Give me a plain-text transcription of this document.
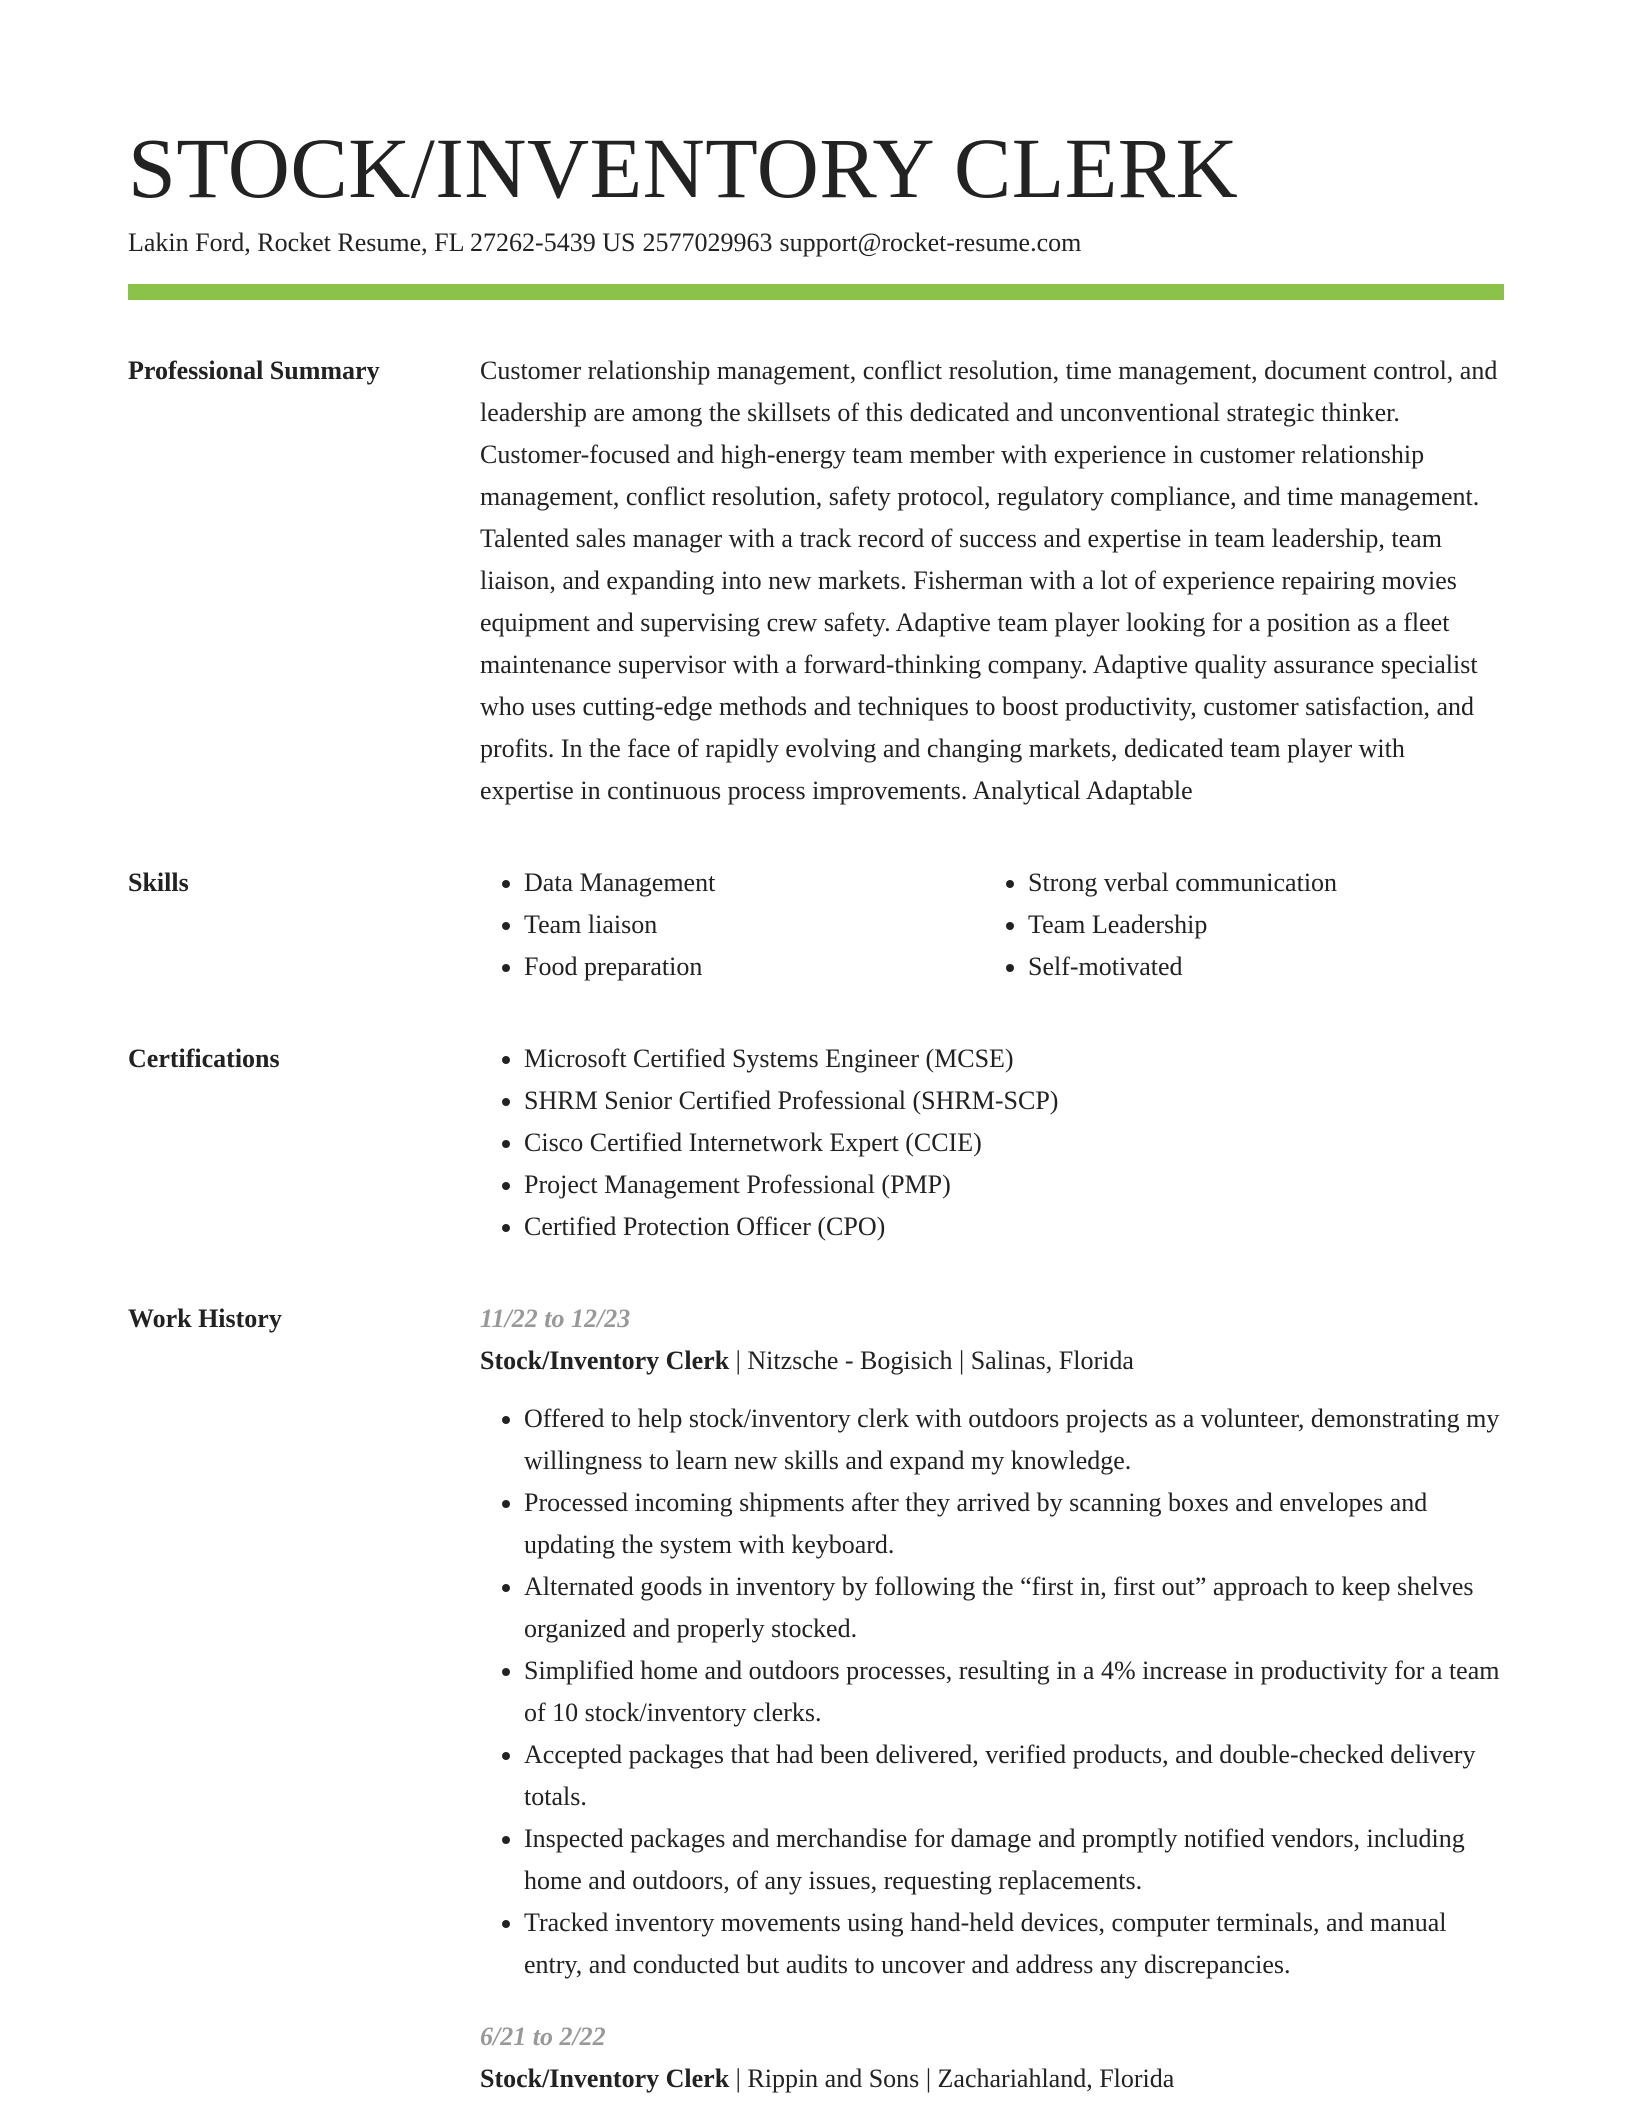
STOCK/INVENTORY CLERK
Lakin Ford, Rocket Resume, FL 27262-5439 US 2577029963 support@rocket-resume.com
Professional Summary	Customer relationship management, conflict resolution, time management, document control, and leadership are among the skillsets of this dedicated and unconventional strategic thinker. Customer-focused and high-energy team member with experience in customer relationship management, conflict resolution, safety protocol, regulatory compliance, and time management. Talented sales manager with a track record of success and expertise in team leadership, team liaison, and expanding into new markets. Fisherman with a lot of experience repairing movies equipment and supervising crew safety. Adaptive team player looking for a position as a fleet maintenance supervisor with a forward-thinking company. Adaptive quality assurance specialist who uses cutting-edge methods and techniques to boost productivity, customer satisfaction, and profits. In the face of rapidly evolving and changing markets, dedicated team player with expertise in continuous process improvements. Analytical Adaptable

Skills	• Data Management
• Team liaison
• Food preparation
• Strong verbal communication
• Team Leadership
• Self-motivated
Certifications	• Microsoft Certified Systems Engineer (MCSE)
• SHRM Senior Certified Professional (SHRM-SCP)
• Cisco Certified Internetwork Expert (CCIE)
• Project Management Professional (PMP)
• Certified Protection Officer (CPO)
Work History	11/22 to 12/23
Stock/Inventory Clerk | Nitzsche - Bogisich | Salinas, Florida
• Offered to help stock/inventory clerk with outdoors projects as a volunteer, demonstrating my willingness to learn new skills and expand my knowledge.
• Processed incoming shipments after they arrived by scanning boxes and envelopes and updating the system with keyboard.
• Alternated goods in inventory by following the “first in, first out” approach to keep shelves organized and properly stocked.
• Simplified home and outdoors processes, resulting in a 4% increase in productivity for a team of 10 stock/inventory clerks.
• Accepted packages that had been delivered, verified products, and double-checked delivery totals.
• Inspected packages and merchandise for damage and promptly notified vendors, including home and outdoors, of any issues, requesting replacements.
• Tracked inventory movements using hand-held devices, computer terminals, and manual entry, and conducted but audits to uncover and address any discrepancies.
6/21 to 2/22
Stock/Inventory Clerk | Rippin and Sons | Zachariahland, Florida
